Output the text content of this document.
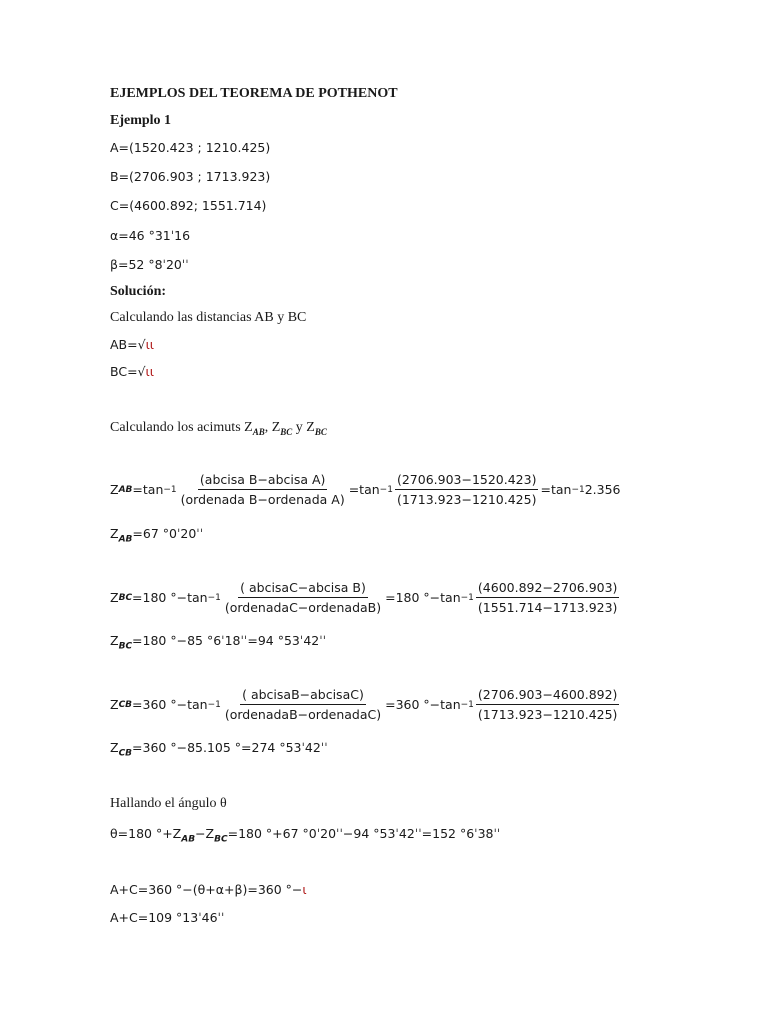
EJEMPLOS DEL TEOREMA DE POTHENOT
Ejemplo 1
A=(1520.423 ; 1210.425)
B=(2706.903 ; 1713.923)
C=(4600.892; 1551.714)
α=46 °31ˈ16
β=52 °8ˈ20ˈˈ
Solución:
Calculando las distancias AB y BC
AB=√ιι
BC=√ιι
Calculando los acimuts $Z_{AB}$, $Z_{BC}$ y $Z_{BC}$
Z AB $=\tan -1 \frac{\text{(abcisa B−abcisa A)}}{\text{(ordenada B−ordenada A)}} =\tan -1 \frac{(2706.903-1520.423)}{(1713.923-1210.425)} =\tan -1$ 2.356
$Z_{AB}=67$ °0ˈ20ˈˈ
Z BC =180 $^\circ-\tan -1 \frac{\text{( abcisaC−abcisa B)}}{\text{(ordenadaC−ordenadaB)}} =180$ $^\circ-\tan -1 \frac{(4600.892-2706.903)}{(1551.714-1713.923)}$
$Z_{BC}=180$ °−85 °6ˈ18ˈˈ=94 °53ˈ42ˈˈ
Z CB =360 $^\circ-\tan -1 \frac{\text{( abcisaB−abcisaC)}}{\text{(ordenadaB−ordenadaC)}} =360$ $^\circ-\tan -1 \frac{(2706.903-4600.892)}{(1713.923-1210.425)}$
$Z_{CB}=360$ °−85.105 °=274 °53ˈ42ˈˈ
Hallando el ángulo θ
θ=180 $^\circ+Z_{AB}-Z_{BC}=180$ °+67 °0ˈ20ˈˈ−94 °53ˈ42ˈˈ=152 °6ˈ38ˈˈ
A+C=360 °−(θ+α+β)=360 °−ι
A+C=109 °13ˈ46ˈˈ
